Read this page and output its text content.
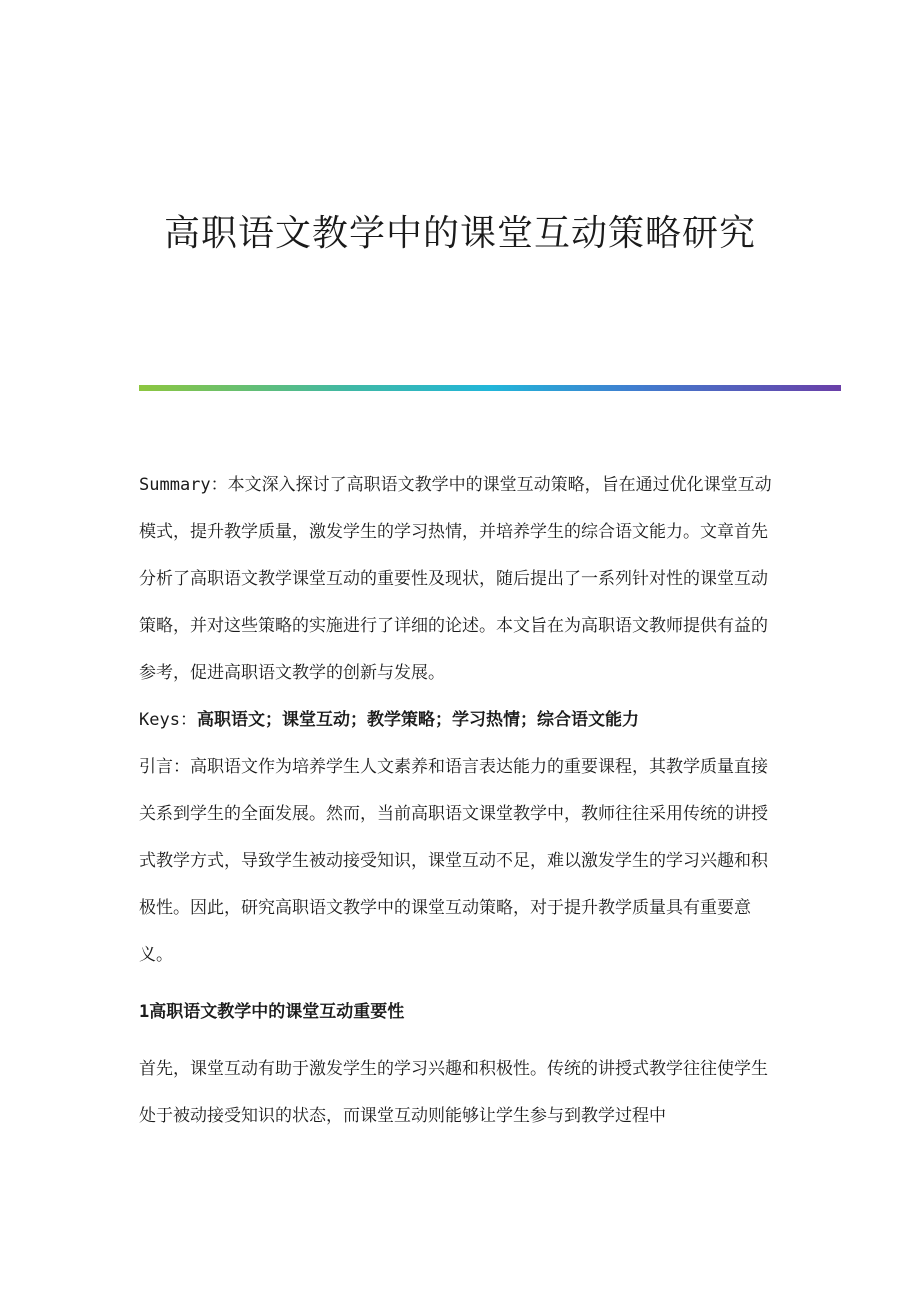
高职语文教学中的课堂互动策略研究

Summary：本文深入探讨了高职语文教学中的课堂互动策略，旨在通过优化课堂互动模式，提升教学质量，激发学生的学习热情，并培养学生的综合语文能力。文章首先分析了高职语文教学课堂互动的重要性及现状，随后提出了一系列针对性的课堂互动策略，并对这些策略的实施进行了详细的论述。本文旨在为高职语文教师提供有益的参考，促进高职语文教学的创新与发展。

Keys：高职语文；课堂互动；教学策略；学习热情；综合语文能力

引言：高职语文作为培养学生人文素养和语言表达能力的重要课程，其教学质量直接关系到学生的全面发展。然而，当前高职语文课堂教学中，教师往往采用传统的讲授式教学方式，导致学生被动接受知识，课堂互动不足，难以激发学生的学习兴趣和积极性。因此，研究高职语文教学中的课堂互动策略，对于提升教学质量具有重要意义。

1高职语文教学中的课堂互动重要性

首先，课堂互动有助于激发学生的学习兴趣和积极性。传统的讲授式教学往往使学生处于被动接受知识的状态，而课堂互动则能够让学生参与到教学过程中
